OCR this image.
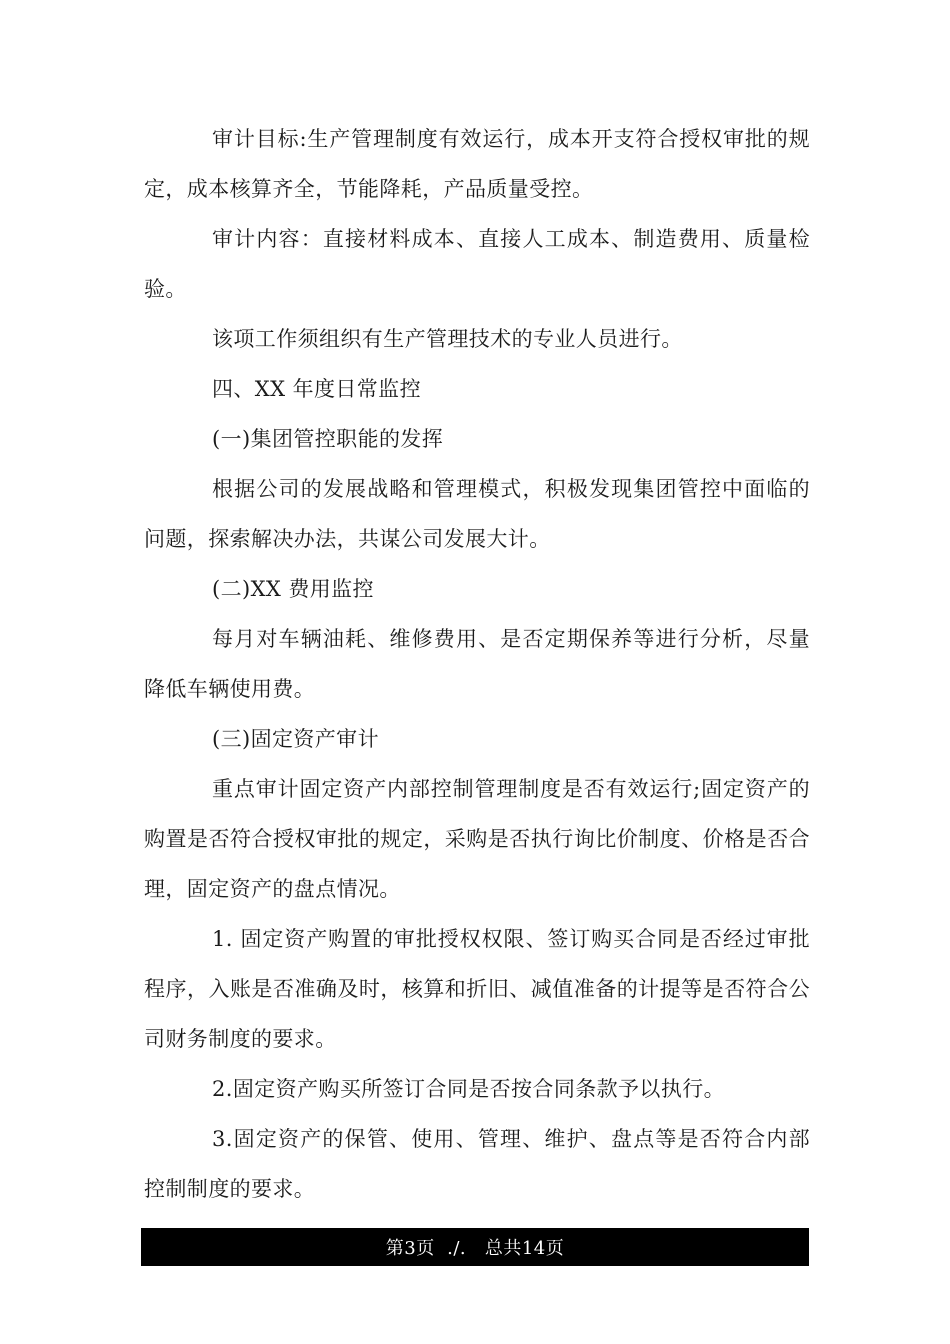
审计目标:生产管理制度有效运行，成本开支符合授权审批的规定，成本核算齐全，节能降耗，产品质量受控。

审计内容：直接材料成本、直接人工成本、制造费用、质量检验。

该项工作须组织有生产管理技术的专业人员进行。

四、XX 年度日常监控

(一)集团管控职能的发挥

根据公司的发展战略和管理模式，积极发现集团管控中面临的问题，探索解决办法，共谋公司发展大计。

(二)XX 费用监控

每月对车辆油耗、维修费用、是否定期保养等进行分析，尽量降低车辆使用费。

(三)固定资产审计

重点审计固定资产内部控制管理制度是否有效运行;固定资产的购置是否符合授权审批的规定，采购是否执行询比价制度、价格是否合理，固定资产的盘点情况。

1. 固定资产购置的审批授权权限、签订购买合同是否经过审批程序，入账是否准确及时，核算和折旧、减值准备的计提等是否符合公司财务制度的要求。

2.固定资产购买所签订合同是否按合同条款予以执行。

3.固定资产的保管、使用、管理、维护、盘点等是否符合内部控制制度的要求。

第3页  ./.   总共14页
